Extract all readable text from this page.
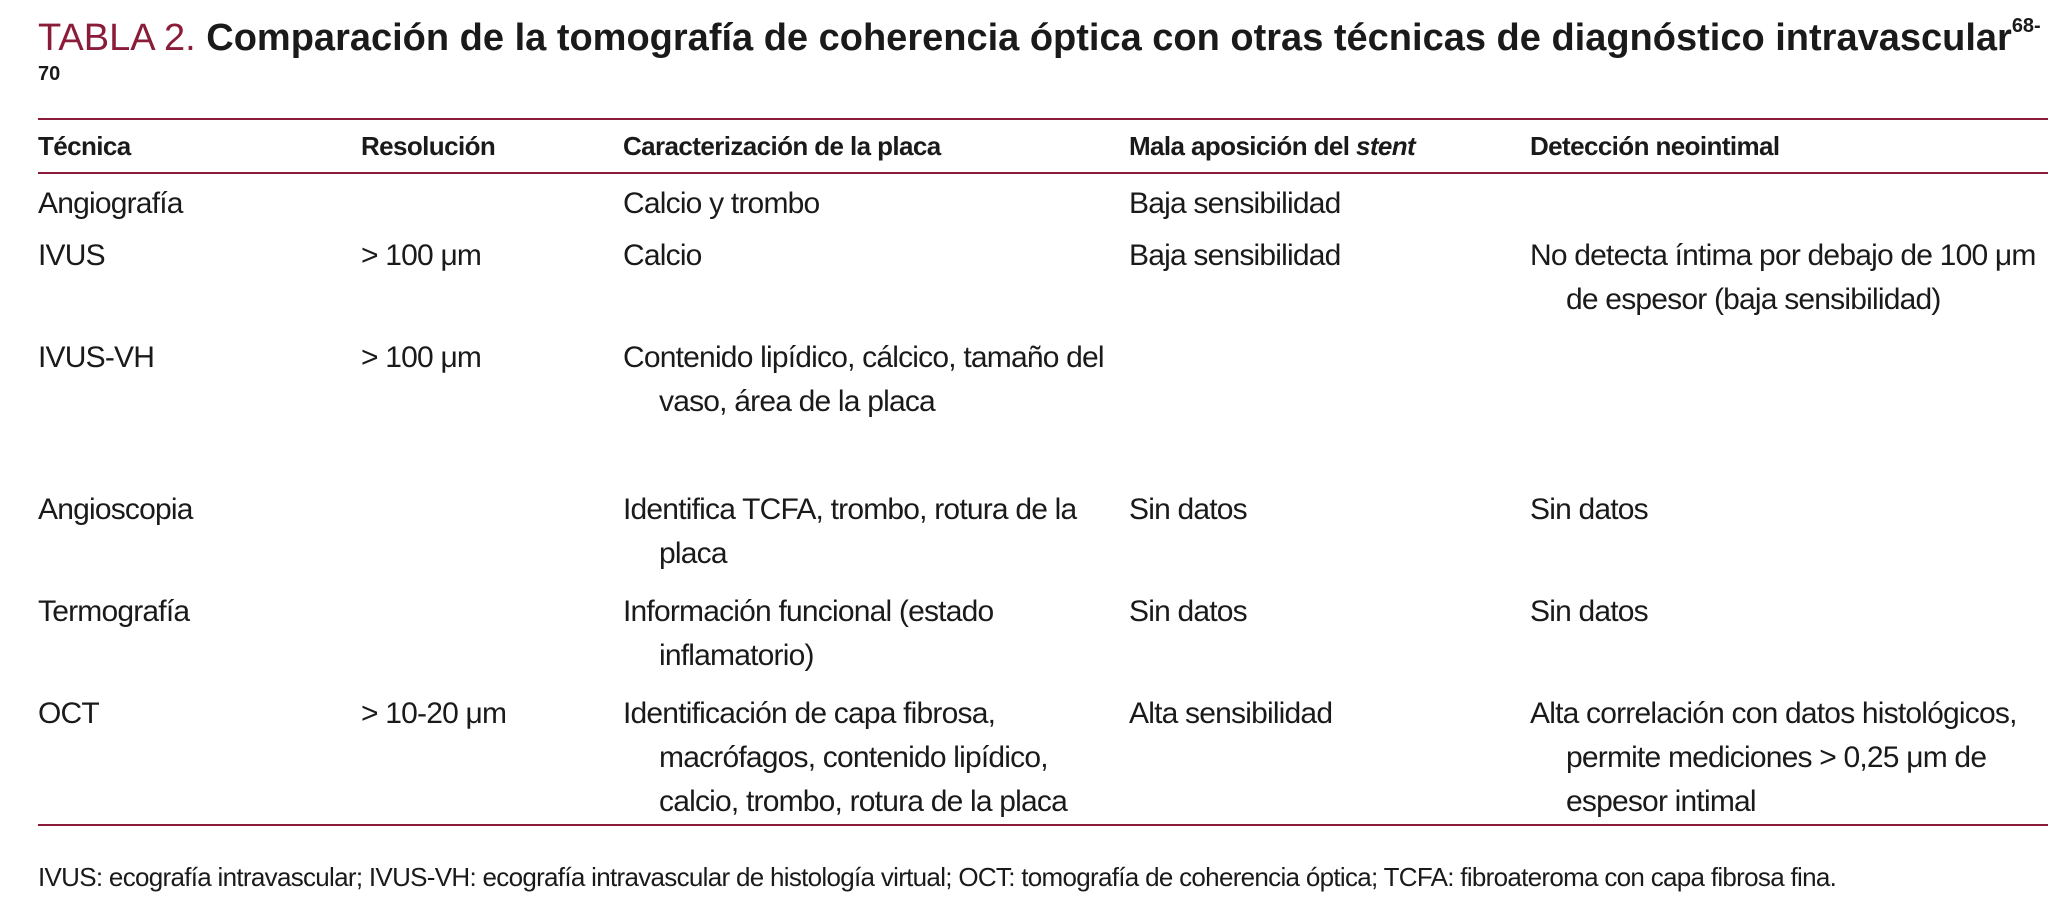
TABLA 2. Comparación de la tomografía de coherencia óptica con otras técnicas de diagnóstico intravascular$^{68-70}$
Técnica	Resolución	Caracterización de la placa	Mala aposición del stent	Detección neointimal

Angiografía		Calcio y trombo	Baja sensibilidad	

IVUS	> 100 μm	Calcio	Baja sensibilidad	No detecta íntima por debajo de 100 μm de espesor (baja sensibilidad)

IVUS-VH	> 100 μm	Contenido lipídico, cálcico, tamaño del vaso, área de la placa		

Angioscopia		Identifica TCFA, trombo, rotura de la placa	Sin datos	Sin datos

Termografía		Información funcional (estado inflamatorio)	Sin datos	Sin datos

OCT	> 10-20 μm	Identificación de capa fibrosa, macrófagos, contenido lipídico, calcio, trombo, rotura de la placa	Alta sensibilidad	Alta correlación con datos histológicos, permite mediciones > 0,25 μm de espesor intimal
IVUS: ecografía intravascular; IVUS-VH: ecografía intravascular de histología virtual; OCT: tomografía de coherencia óptica; TCFA: fibroateroma con capa fibrosa fina.
